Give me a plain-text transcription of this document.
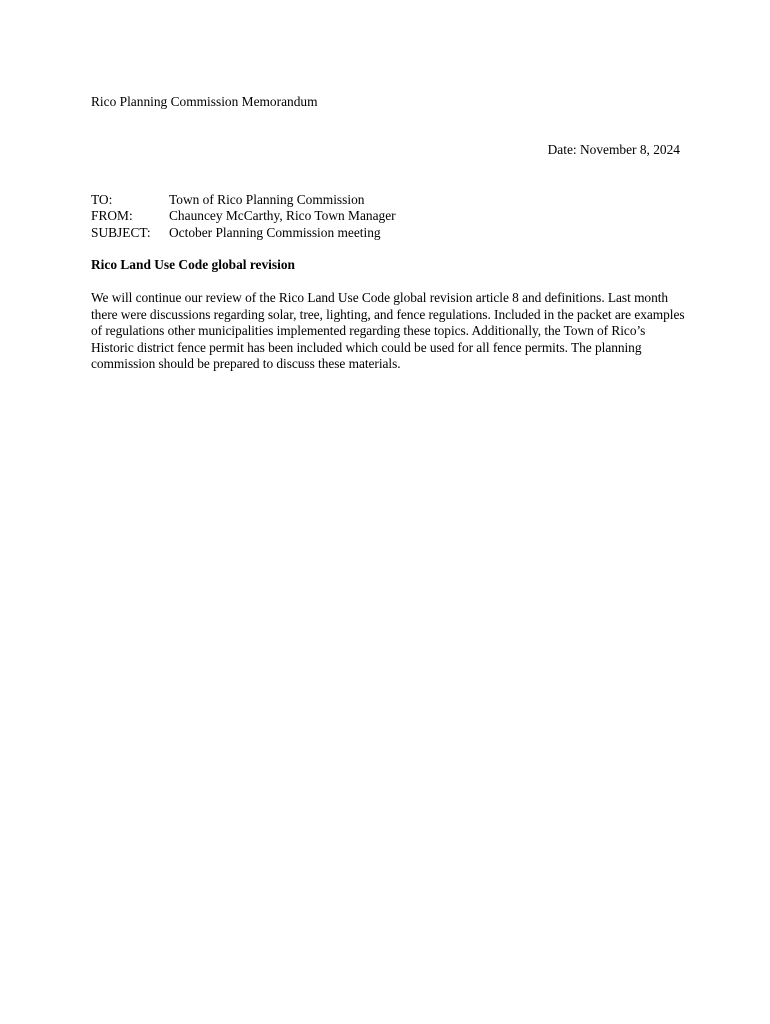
Rico Planning Commission Memorandum
Date: November 8, 2024
TO:	Town of Rico Planning Commission
FROM:	Chauncey McCarthy, Rico Town Manager
SUBJECT:	October Planning Commission meeting
Rico Land Use Code global revision

We will continue our review of the Rico Land Use Code global revision article 8 and definitions. Last month there were discussions regarding solar, tree, lighting, and fence regulations. Included in the packet are examples of regulations other municipalities implemented regarding these topics. Additionally, the Town of Rico’s Historic district fence permit has been included which could be used for all fence permits. The planning commission should be prepared to discuss these materials.
